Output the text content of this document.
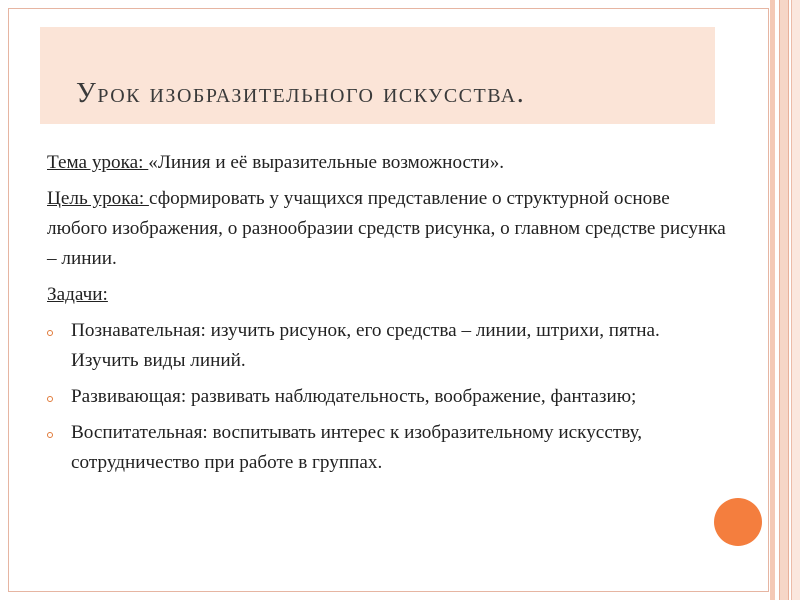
Урок изобразительного искусства.

Тема урока: «Линия и её выразительные возможности».

Цель урока: сформировать у учащихся представление о структурной основе любого изображения, о разнообразии средств рисунка, о главном средстве рисунка – линии.

Задачи:

Познавательная: изучить рисунок, его средства – линии, штрихи, пятна. Изучить виды линий.
Развивающая: развивать наблюдательность, воображение, фантазию;
Воспитательная: воспитывать интерес к изобразительному искусству, сотрудничество при работе в группах.
